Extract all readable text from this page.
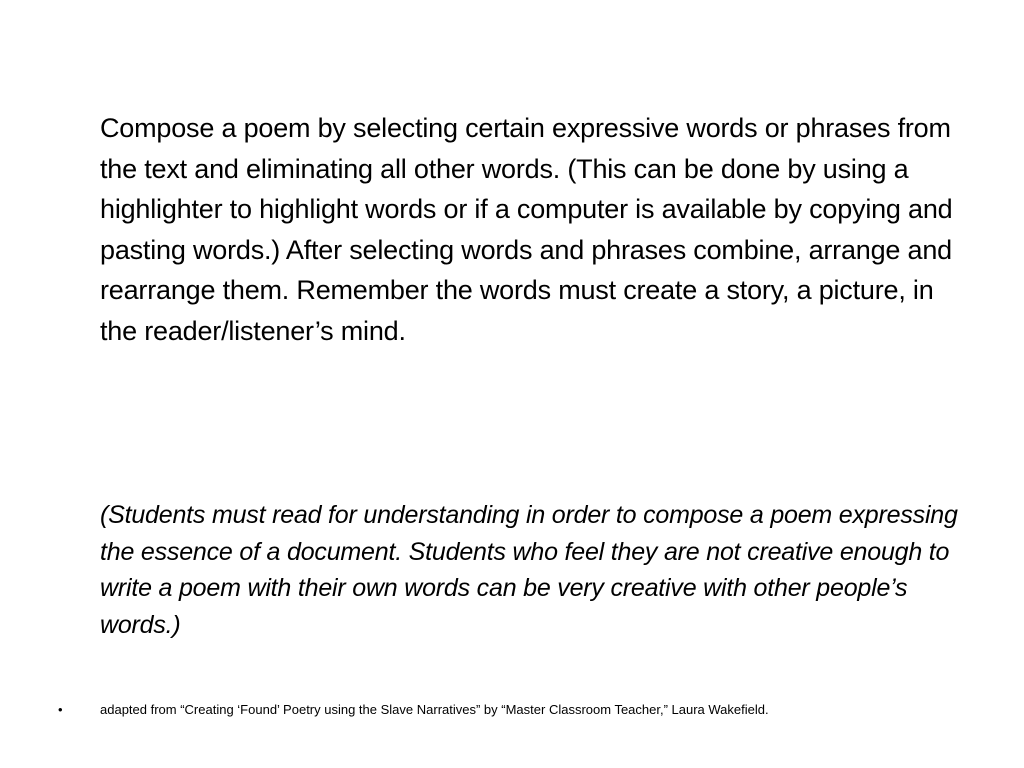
Compose a poem by selecting certain expressive words or phrases from the text and eliminating all other words. (This can be done by using a highlighter to highlight words or if a computer is available by copying and pasting words.) After selecting words and phrases combine, arrange and rearrange them. Remember the words must create a story, a picture, in the reader/listener’s mind.

(Students must read for understanding in order to compose a poem expressing the essence of a document. Students who feel they are not creative enough to write a poem with their own words can be very creative with other people’s words.)

•	adapted from “Creating ‘Found’ Poetry using the Slave Narratives” by “Master Classroom Teacher,” Laura Wakefield.
